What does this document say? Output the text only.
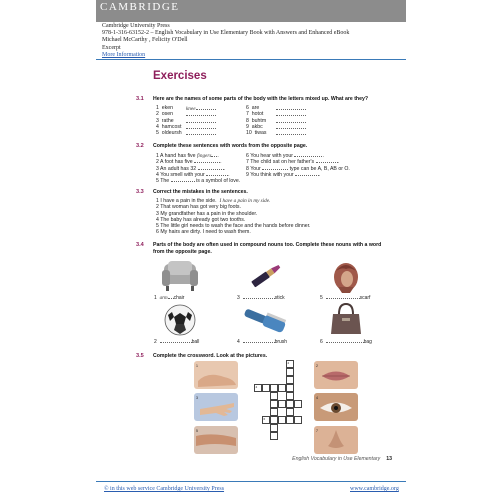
CAMBRIDGE
Cambridge University Press
978-1-316-63152-2 – English Vocabulary in Use Elementary Book with Answers and Enhanced eBook
Michael McCarthy , Felicity O'Dell
Excerpt
More Information
Exercises
3.1 Here are the names of some parts of the body with the letters mixed up. What are they?
1 eken knee
2 osen
3 rathe
4 hamcost
5 oldeursh
6 are
7 hotot
8 buhtm
9 akbc
10 tiwas
3.2 Complete these sentences with words from the opposite page.
1 A hand has five fingers .
2 A foot has five	.
3 An adult has 32	.
4 You smell with your	.
5 The	is a symbol of love.
6 You hear with your	.
7 The child sat on her father's	.
8 Your	type can be A, B, AB or O.
9 You think with your	.
3.3 Correct the mistakes in the sentences.
1 I have a pain in the side. I have a pain in my side.
2 That woman has got very big foots.
3 My grandfather has a pain in the shoulder.
4 The baby has already got two tooths.
5 The little girl needs to wash the face and the hands before dinner.
6 My hairs are dirty. I need to wash them.
3.4 Parts of the body are often used in compound nouns too. Complete these nouns with a word from the opposite page.
1 arm chair	3	stick	5	scarf
2	ball	4	brush	6	bag
3.5 Complete the crossword. Look at the pictures.
1
3
5
2
4
6
2
4
7
English Vocabulary in Use Elementary 13
© in this web service Cambridge University Press	www.cambridge.org
